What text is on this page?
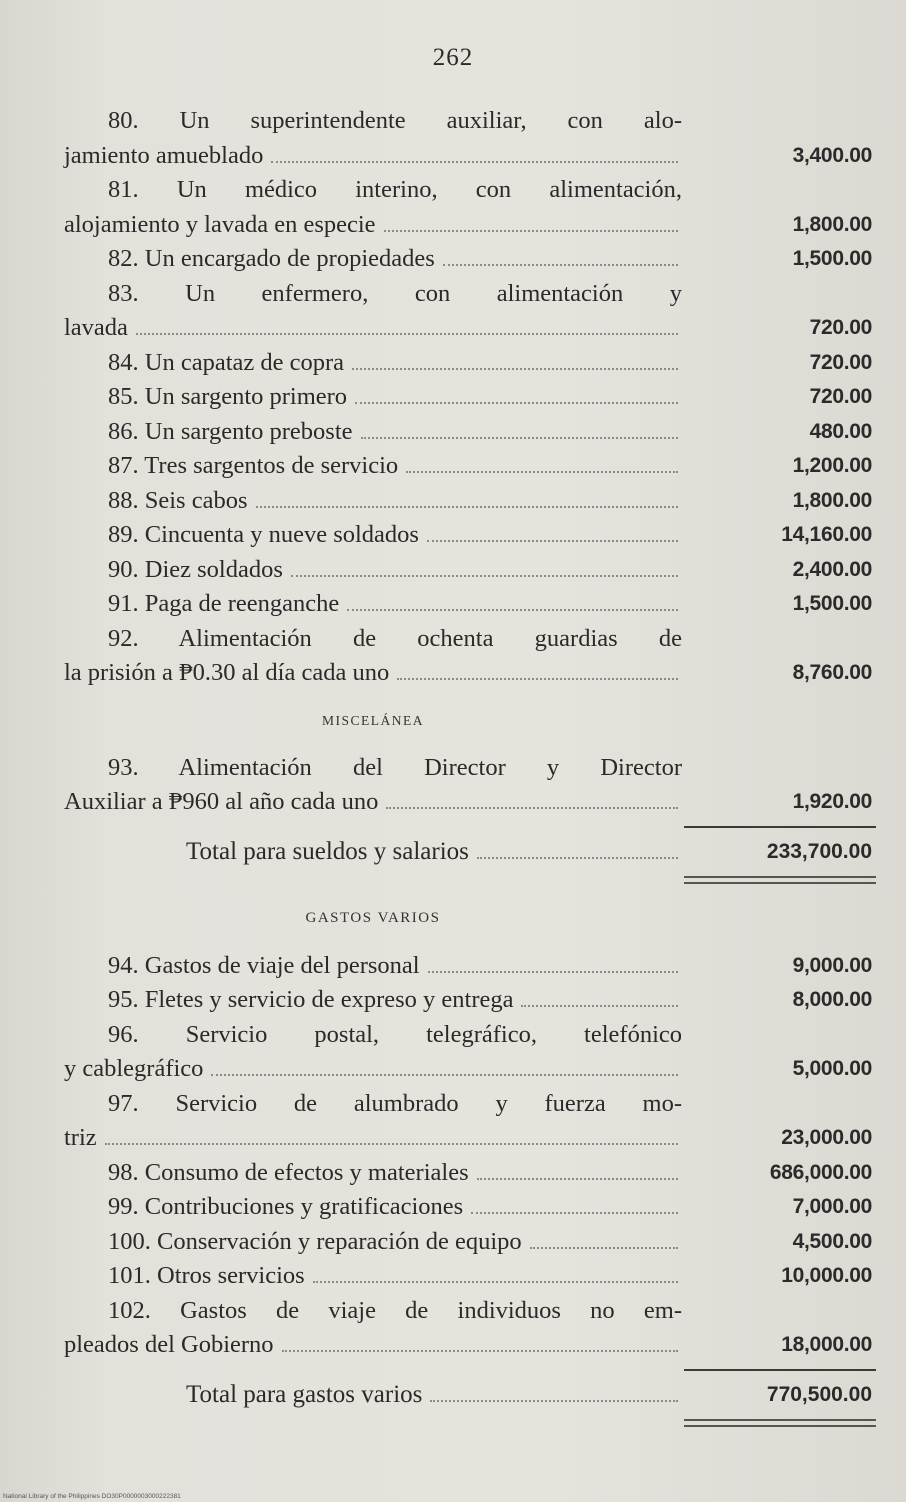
262
80. Un superintendente auxiliar, con alo-
jamiento amueblado	3,400.00
81. Un médico interino, con alimentación,
alojamiento y lavada en especie	1,800.00
82. Un encargado de propiedades	1,500.00
83. Un enfermero, con alimentación y
lavada	720.00
84. Un capataz de copra	720.00
85. Un sargento primero	720.00
86. Un sargento preboste	480.00
87. Tres sargentos de servicio	1,200.00
88. Seis cabos	1,800.00
89. Cincuenta y nueve soldados	14,160.00
90. Diez soldados	2,400.00
91. Paga de reenganche	1,500.00
92. Alimentación de ochenta guardias de
la prisión a ₱0.30 al día cada uno	8,760.00
MISCELÁNEA
93. Alimentación del Director y Director
Auxiliar a ₱960 al año cada uno	1,920.00
Total para sueldos y salarios	233,700.00
GASTOS VARIOS
94. Gastos de viaje del personal	9,000.00
95. Fletes y servicio de expreso y entrega	8,000.00
96. Servicio postal, telegráfico, telefónico
y cablegráfico	5,000.00
97. Servicio de alumbrado y fuerza mo-
triz	23,000.00
98. Consumo de efectos y materiales	686,000.00
99. Contribuciones y gratificaciones	7,000.00
100. Conservación y reparación de equipo	4,500.00
101. Otros servicios	10,000.00
102. Gastos de viaje de individuos no em-
pleados del Gobierno	18,000.00
Total para gastos varios	770,500.00
National Library of the Philippines DO30P0000003000222381
